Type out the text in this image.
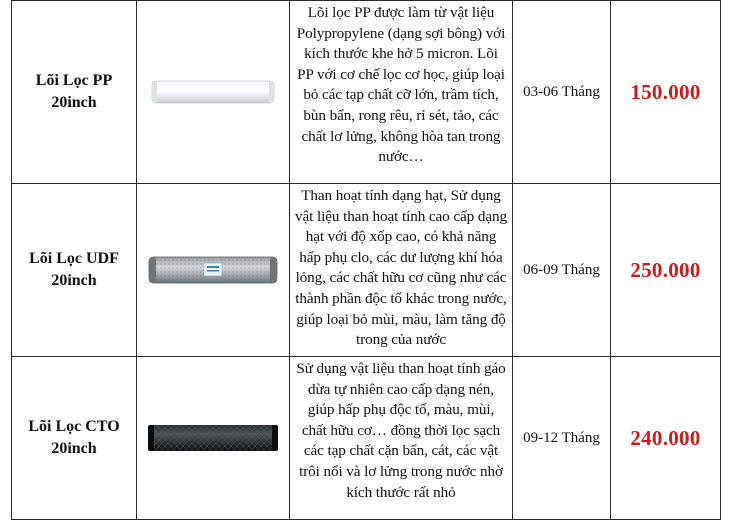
Lõi Lọc PP
20inch		Lõi lọc PP được làm từ vật liệu Polypropylene (dạng sợi bông) với kích thước khe hở 5 micron. Lõi PP với cơ chế lọc cơ học, giúp loại bỏ các tạp chất cỡ lớn, trầm tích, bùn bẩn, rong rêu, rỉ sét, tảo, các chất lơ lửng, không hòa tan trong nước…	03-06 Tháng	150.000

Lõi Lọc UDF
20inch		Than hoạt tính dạng hạt, Sử dụng vật liệu than hoạt tính cao cấp dạng hạt với độ xốp cao, có khả năng hấp phụ clo, các dư lượng khí hóa lỏng, các chất hữu cơ cũng như các thành phần độc tố khác trong nước, giúp loại bỏ mùi, màu, làm tăng độ trong của nước	06-09 Tháng	250.000

Lõi Lọc CTO
20inch		Sử dụng vật liệu than hoạt tính gáo dừa tự nhiên cao cấp dạng nén, giúp hấp phụ độc tố, màu, mùi, chất hữu cơ… đồng thời lọc sạch các tạp chất cặn bẩn, cát, các vật trôi nổi và lơ lửng trong nước nhờ kích thước rất nhỏ	09-12 Tháng	240.000
